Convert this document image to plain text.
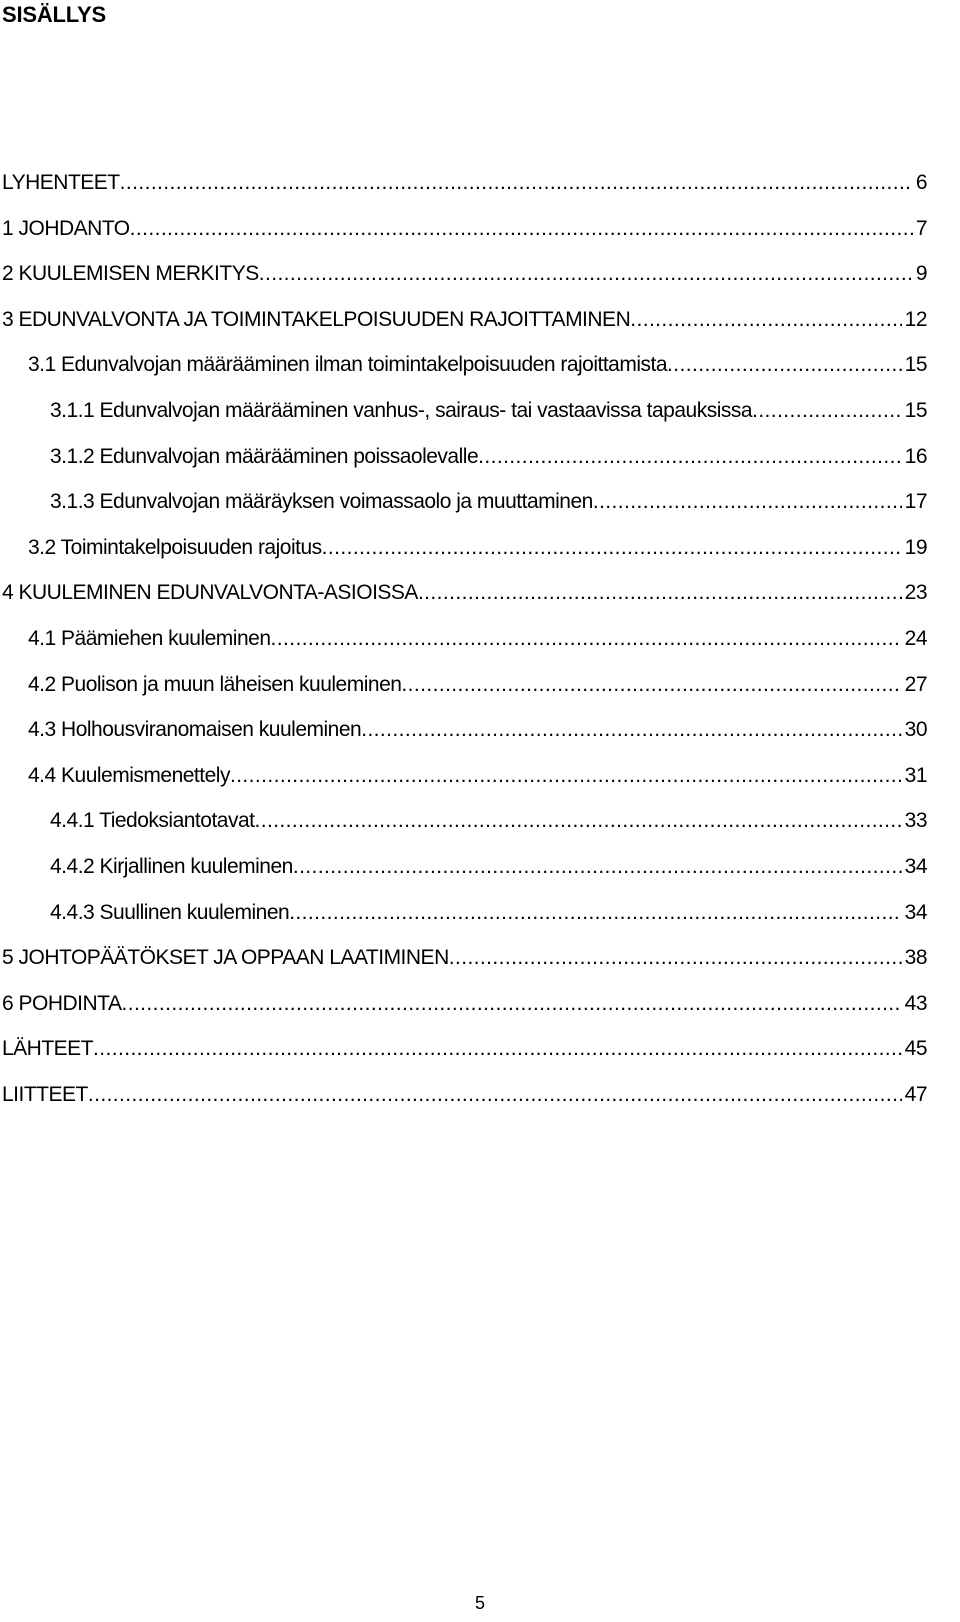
SISÄLLYS
LYHENTEET .....	6
1 JOHDANTO .....	7
2 KUULEMISEN MERKITYS .....	9
3 EDUNVALVONTA JA TOIMINTAKELPOISUUDEN RAJOITTAMINEN .....	12
3.1 Edunvalvojan määrääminen ilman toimintakelpoisuuden rajoittamista .....	15
3.1.1 Edunvalvojan määrääminen vanhus-, sairaus- tai vastaavissa tapauksissa .....	15
3.1.2 Edunvalvojan määrääminen poissaolevalle .....	16
3.1.3 Edunvalvojan määräyksen voimassaolo ja muuttaminen .....	17
3.2 Toimintakelpoisuuden rajoitus .....	19
4 KUULEMINEN EDUNVALVONTA-ASIOISSA .....	23
4.1 Päämiehen kuuleminen .....	24
4.2 Puolison ja muun läheisen kuuleminen .....	27
4.3 Holhousviranomaisen kuuleminen .....	30
4.4 Kuulemismenettely .....	31
4.4.1 Tiedoksiantotavat .....	33
4.4.2 Kirjallinen kuuleminen .....	34
4.4.3 Suullinen kuuleminen .....	34
5 JOHTOPÄÄTÖKSET JA OPPAAN LAATIMINEN .....	38
6 POHDINTA .....	43
LÄHTEET .....	45
LIITTEET .....	47
5
